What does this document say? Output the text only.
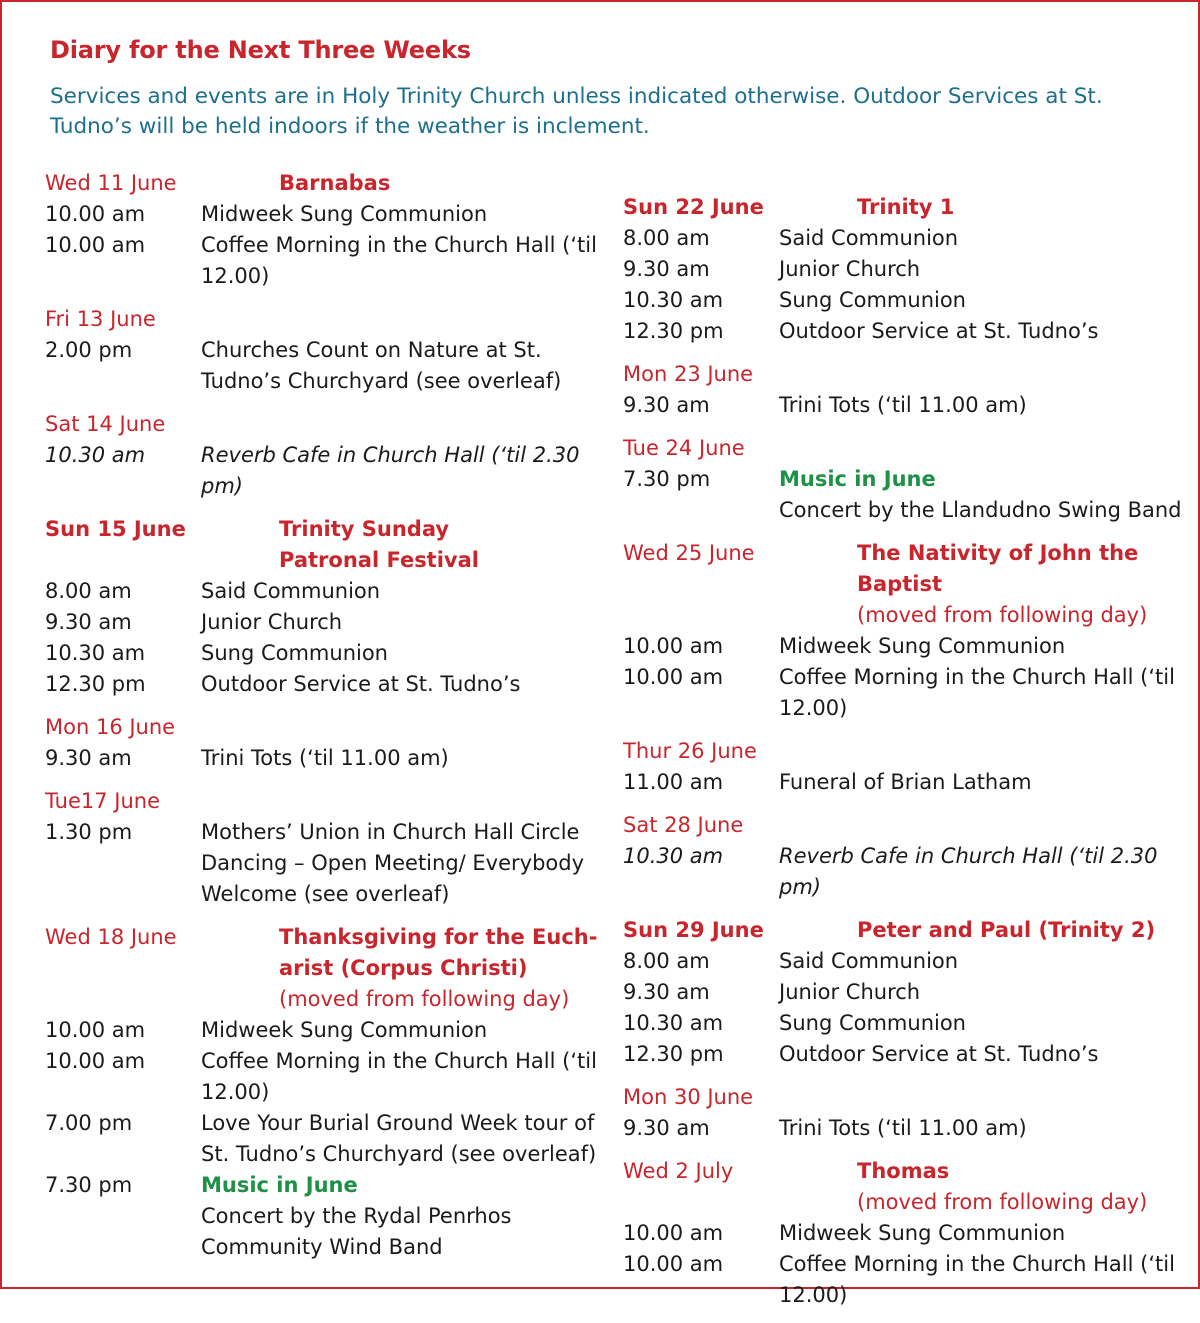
Diary for the Next Three Weeks
Services and events are in Holy Trinity Church unless indicated otherwise. Outdoor Services at St. Tudno’s will be held indoors if the weather is inclement.
Wed 11 June	Barnabas
10.00 am	Midweek Sung Communion
10.00 am	Coffee Morning in the Church Hall (‘til 12.00)
Fri 13 June
2.00 pm	Churches Count on Nature at St. Tudno’s Churchyard (see overleaf)
Sat 14 June
10.30 am	Reverb Cafe in Church Hall (‘til 2.30 pm)
Sun 15 June	Trinity Sunday
Patronal Festival
8.00 am	Said Communion
9.30 am	Junior Church
10.30 am	Sung Communion
12.30 pm	Outdoor Service at St. Tudno’s
Mon 16 June
9.30 am	Trini Tots (‘til 11.00 am)
Tue17 June
1.30 pm	Mothers’ Union in Church Hall Circle Dancing – Open Meeting/ Everybody Welcome (see overleaf)
Wed 18 June	Thanksgiving for the Euch-
arist (Corpus Christi)
(moved from following day)
10.00 am	Midweek Sung Communion
10.00 am	Coffee Morning in the Church Hall (‘til 12.00)
7.00 pm	Love Your Burial Ground Week tour of St. Tudno’s Churchyard (see overleaf)
7.30 pm	Music in June
Concert by the Rydal Penrhos Community Wind Band
Sun 22 June	Trinity 1
8.00 am	Said Communion
9.30 am	Junior Church
10.30 am	Sung Communion
12.30 pm	Outdoor Service at St. Tudno’s
Mon 23 June
9.30 am	Trini Tots (‘til 11.00 am)
Tue 24 June
7.30 pm	Music in June
Concert by the Llandudno Swing Band
Wed 25 June	The Nativity of John the
Baptist
(moved from following day)
10.00 am	Midweek Sung Communion
10.00 am	Coffee Morning in the Church Hall (‘til 12.00)
Thur 26 June
11.00 am	Funeral of Brian Latham
Sat 28 June
10.30 am	Reverb Cafe in Church Hall (‘til 2.30 pm)
Sun 29 June	Peter and Paul (Trinity 2)
8.00 am	Said Communion
9.30 am	Junior Church
10.30 am	Sung Communion
12.30 pm	Outdoor Service at St. Tudno’s
Mon 30 June
9.30 am	Trini Tots (‘til 11.00 am)
Wed 2 July	Thomas
(moved from following day)
10.00 am	Midweek Sung Communion
10.00 am	Coffee Morning in the Church Hall (‘til 12.00)
